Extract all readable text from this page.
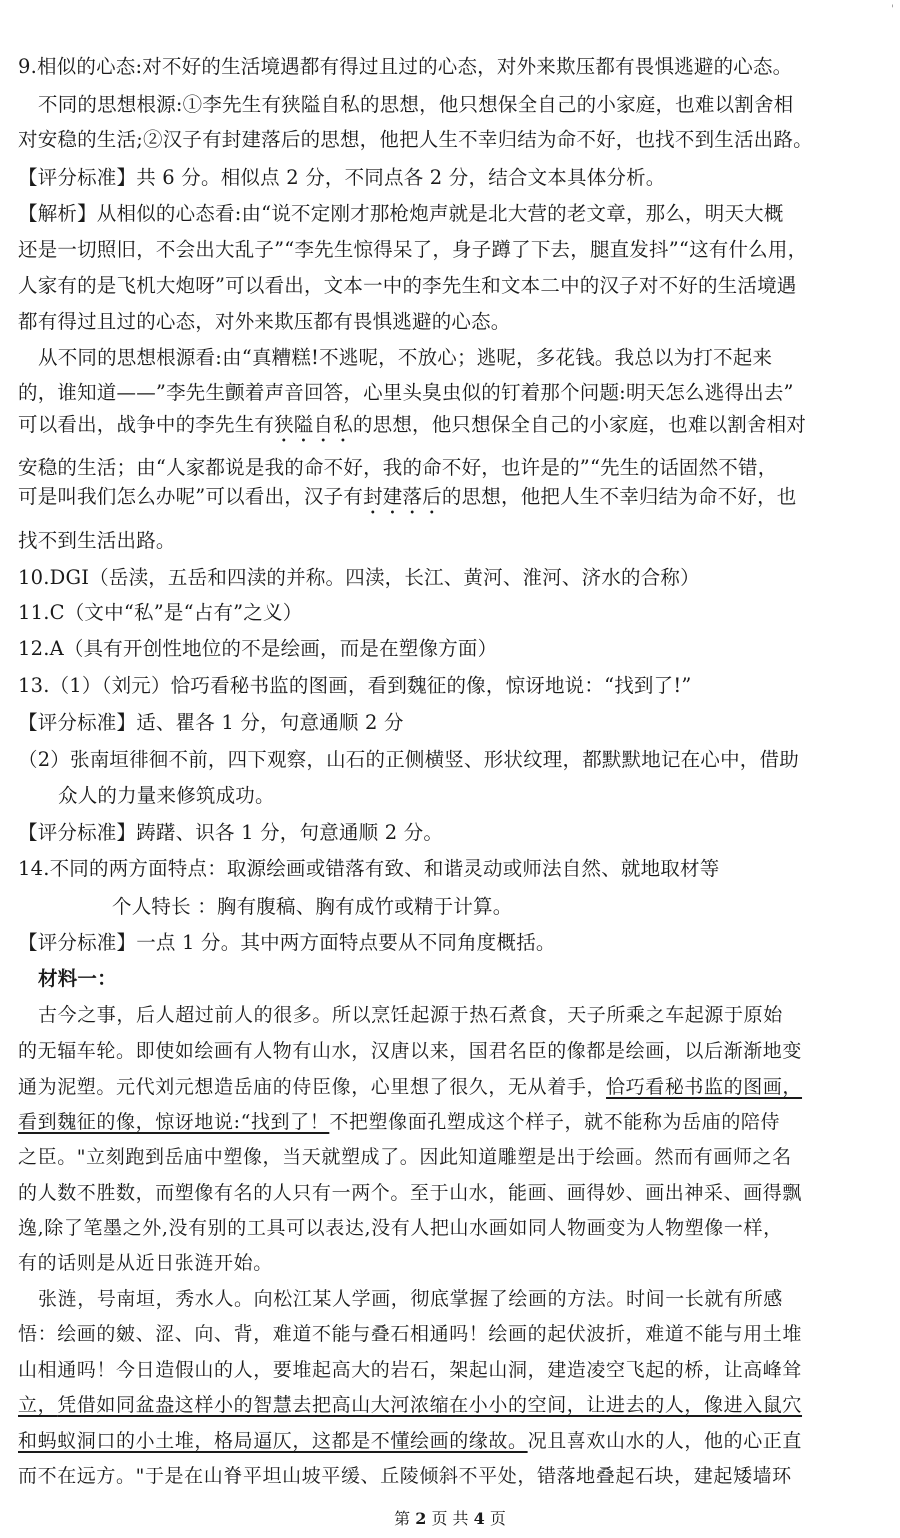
'
9.相似的心态:对不好的生活境遇都有得过且过的心态，对外来欺压都有畏惧逃避的心态。
不同的思想根源:①李先生有狭隘自私的思想，他只想保全自己的小家庭，也难以割舍相
对安稳的生活;②汉子有封建落后的思想，他把人生不幸归结为命不好，也找不到生活出路。
【评分标准】共 6 分。相似点 2 分，不同点各 2 分，结合文本具体分析。
【解析】从相似的心态看:由“说不定刚才那枪炮声就是北大营的老文章，那么，明天大概
还是一切照旧，不会出大乱子”“李先生惊得呆了，身子蹲了下去，腿直发抖”“这有什么用，
人家有的是飞机大炮呀”可以看出，文本一中的李先生和文本二中的汉子对不好的生活境遇
都有得过且过的心态，对外来欺压都有畏惧逃避的心态。
从不同的思想根源看:由“真糟糕!不逃呢，不放心；逃呢，多花钱。我总以为打不起来
的，谁知道——”李先生颤着声音回答，心里头臭虫似的钉着那个问题:明天怎么逃得出去”
可以看出，战争中的李先生有狭隘自私的思想，他只想保全自己的小家庭，也难以割舍相对
安稳的生活；由“人家都说是我的命不好，我的命不好，也许是的”“先生的话固然不错，
可是叫我们怎么办呢”可以看出，汉子有封建落后的思想，他把人生不幸归结为命不好，也
找不到生活出路。
10.DGI（岳渎，五岳和四渎的并称。四渎，长江、黄河、淮河、济水的合称）
11.C（文中“私”是“占有”之义）
12.A（具有开创性地位的不是绘画，而是在塑像方面）
13.（1）（刘元）恰巧看秘书监的图画，看到魏征的像，惊讶地说：“找到了!”
【评分标准】适、瞿各 1 分，句意通顺 2 分
（2）张南垣徘徊不前，四下观察，山石的正侧横竖、形状纹理，都默默地记在心中，借助
众人的力量来修筑成功。
【评分标准】踌躇、识各 1 分，句意通顺 2 分。
14.不同的两方面特点：取源绘画或错落有致、和谐灵动或师法自然、就地取材等
个人特长 ：胸有腹稿、胸有成竹或精于计算。
【评分标准】一点 1 分。其中两方面特点要从不同角度概括。
材料一：
古今之事，后人超过前人的很多。所以烹饪起源于热石煮食，天子所乘之车起源于原始
的无辐车轮。即使如绘画有人物有山水，汉唐以来，国君名臣的像都是绘画，以后渐渐地变
通为泥塑。元代刘元想造岳庙的侍臣像，心里想了很久，无从着手，恰巧看秘书监的图画，
看到魏征的像，惊讶地说:“找到了！不把塑像面孔塑成这个样子，就不能称为岳庙的陪侍
之臣。"立刻跑到岳庙中塑像，当天就塑成了。因此知道雕塑是出于绘画。然而有画师之名
的人数不胜数，而塑像有名的人只有一两个。至于山水，能画、画得妙、画出神采、画得飘
逸,除了笔墨之外,没有别的工具可以表达,没有人把山水画如同人物画变为人物塑像一样，
有的话则是从近日张涟开始。
张涟，号南垣，秀水人。向松江某人学画，彻底掌握了绘画的方法。时间一长就有所感
悟：绘画的皴、涩、向、背，难道不能与叠石相通吗！绘画的起伏波折，难道不能与用土堆
山相通吗！今日造假山的人，要堆起高大的岩石，架起山洞，建造凌空飞起的桥，让高峰耸
立，凭借如同盆盎这样小的智慧去把高山大河浓缩在小小的空间，让进去的人，像进入鼠穴
和蚂蚁洞口的小土堆，格局逼仄，这都是不懂绘画的缘故。况且喜欢山水的人，他的心正直
而不在远方。"于是在山脊平坦山坡平缓、丘陵倾斜不平处，错落地叠起石块，建起矮墙环
第 2 页 共 4 页
